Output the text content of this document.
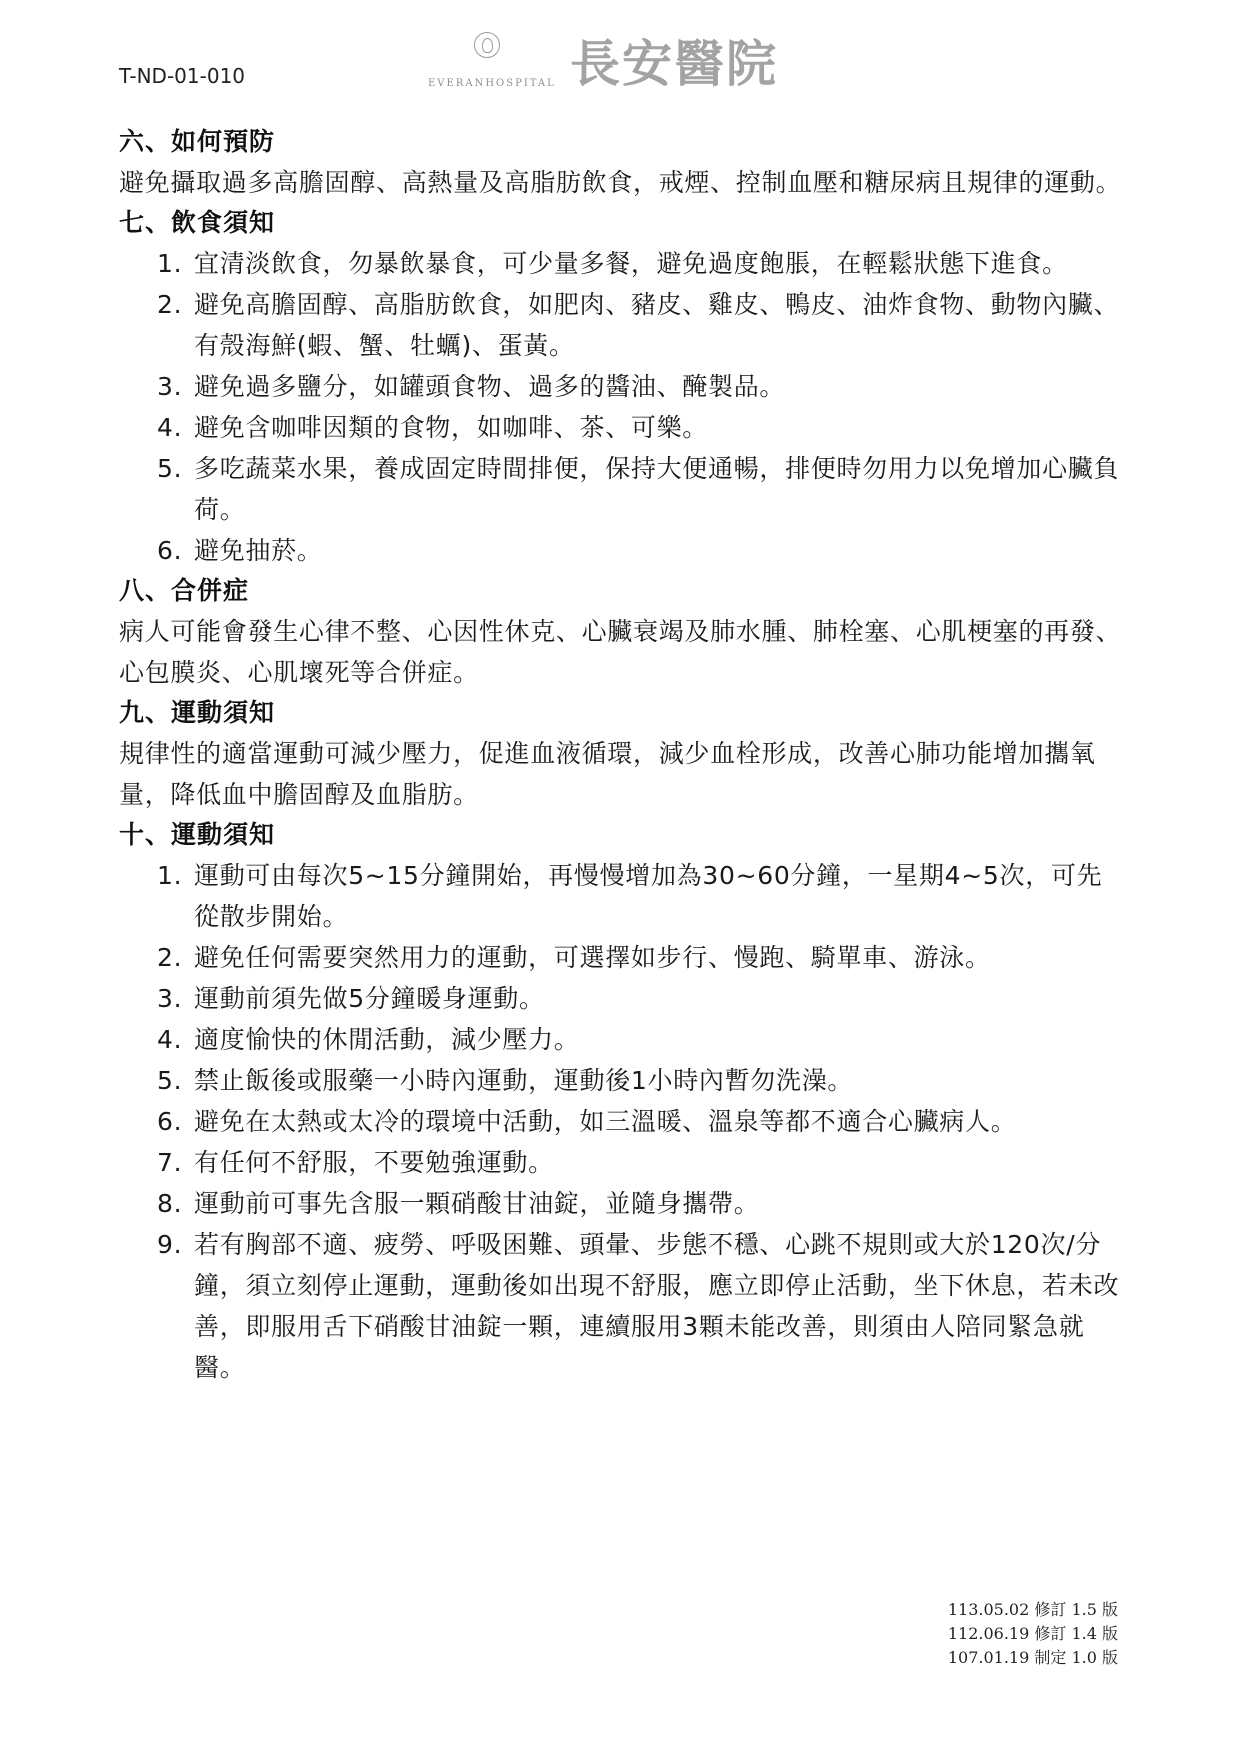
T-ND-01-010	EVERANHOSPITAL 長安醫院
六、如何預防
避免攝取過多高膽固醇、高熱量及高脂肪飲食，戒煙、控制血壓和糖尿病且規律的運動。
七、飲食須知
1. 宜清淡飲食，勿暴飲暴食，可少量多餐，避免過度飽脹，在輕鬆狀態下進食。
2. 避免高膽固醇、高脂肪飲食，如肥肉、豬皮、雞皮、鴨皮、油炸食物、動物內臟、有殼海鮮(蝦、蟹、牡蠣)、蛋黃。
3. 避免過多鹽分，如罐頭食物、過多的醬油、醃製品。
4. 避免含咖啡因類的食物，如咖啡、茶、可樂。
5. 多吃蔬菜水果，養成固定時間排便，保持大便通暢，排便時勿用力以免增加心臟負荷。
6. 避免抽菸。
八、合併症
病人可能會發生心律不整、心因性休克、心臟衰竭及肺水腫、肺栓塞、心肌梗塞的再發、心包膜炎、心肌壞死等合併症。
九、運動須知
規律性的適當運動可減少壓力，促進血液循環，減少血栓形成，改善心肺功能增加攜氧量，降低血中膽固醇及血脂肪。
十、運動須知
1. 運動可由每次5~15分鐘開始，再慢慢增加為30~60分鐘，一星期4~5次，可先從散步開始。
2. 避免任何需要突然用力的運動，可選擇如步行、慢跑、騎單車、游泳。
3. 運動前須先做5分鐘暖身運動。
4. 適度愉快的休閒活動，減少壓力。
5. 禁止飯後或服藥一小時內運動，運動後1小時內暫勿洗澡。
6. 避免在太熱或太冷的環境中活動，如三溫暖、溫泉等都不適合心臟病人。
7. 有任何不舒服，不要勉強運動。
8. 運動前可事先含服一顆硝酸甘油錠，並隨身攜帶。
9. 若有胸部不適、疲勞、呼吸困難、頭暈、步態不穩、心跳不規則或大於120次/分鐘，須立刻停止運動，運動後如出現不舒服，應立即停止活動，坐下休息，若未改善，即服用舌下硝酸甘油錠一顆，連續服用3顆未能改善，則須由人陪同緊急就醫。
113.05.02 修訂 1.5 版
112.06.19 修訂 1.4 版
107.01.19 制定 1.0 版
